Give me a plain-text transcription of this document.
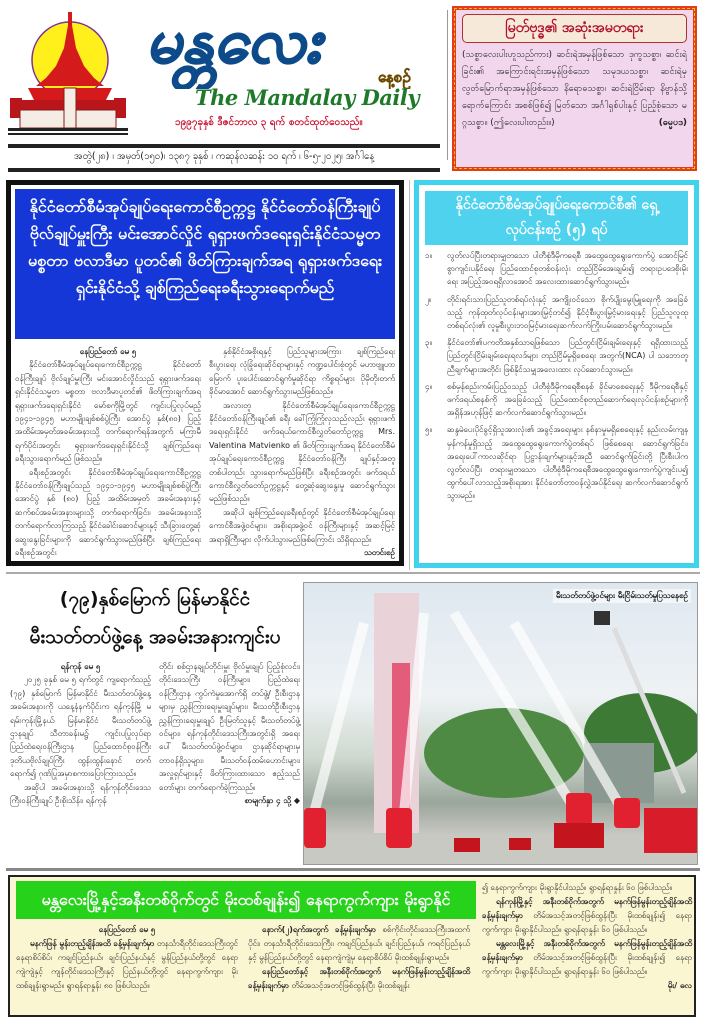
မန္တလေး	နေ့စဉ်
The Mandalay Daily
၁၉၉၇ခုနှစ် ဒီဇင်ဘာလ ၃ ရက် စတင်ထုတ်ဝေသည်။
အတွဲ(၂၈) ၊ အမှတ်(၁၅၀)၊ ၁၃၈၇ ခုနှစ် ၊ ကဆုန်လဆန်း ၁၀ ရက် ၊ ၆-၅-၂၀၂၅၊ အင်္ဂါနေ့
မြတ်ဗုဒ္ဓ၏ အဆုံးအမတရား
(သစ္စာလေးပါးဟူသည်ကား) ဆင်းရဲအမှန်ဖြစ်သော ဒုက္ခသစ္စာ၊ ဆင်းရဲခြင်း၏ အကြောင်းရင်းအမှန်ဖြစ်သော သမုဒယသစ္စာ၊ ဆင်းရဲမှ လွတ်မြောက်ရာအမှန်ဖြစ်သော နိရောဓသစ္စာ၊ ဆင်းရဲငြိမ်းရာ နိဗ္ဗာန်သို့ရောက်ကြောင်း အစစ်ဖြစ်၍ မြတ်သော အင်္ဂါရှစ်ပါးနှင့် ပြည့်စုံသော မဂ္ဂသစ္စာ။ (ဤလေးပါးတည်း။)	(ဓမ္မပဒ)
နိုင်ငံတော်စီမံအုပ်ချုပ်ရေးကောင်စီဥက္ကဋ္ဌ နိုင်ငံတော်ဝန်ကြီးချုပ် ဗိုလ်ချုပ်မှူးကြီး မင်းအောင်လှိုင် ရုရှားဖက်ဒရေးရှင်းနိုင်ငံသမ္မတ မစ္စတာ ဗလာဒီမာ ပူတင်၏ ဖိတ်ကြားချက်အရ ရုရှားဖက်ဒရေးရှင်းနိုင်ငံသို့ ချစ်ကြည်ရေးခရီးသွားရောက်မည်
နေပြည်တော် မေ ၅
နိုင်ငံတော်စီမံအုပ်ချုပ်ရေးကောင်စီဥက္ကဋ္ဌ နိုင်ငံတော်ဝန်ကြီးချုပ် ဗိုလ်ချုပ်မှူးကြီး မင်းအောင်လှိုင်သည် ရုရှားဖက်ဒရေးရှင်းနိုင်ငံသမ္မတ မစ္စတာ ဗလာဒီမာပူတင်၏ ဖိတ်ကြားချက်အရ ရုရှားဖက်ဒရေးရှင်းနိုင်ငံ မော်စကိုမြို့တွင် ကျင်းပပြုလုပ်မည့် ၁၉၄၁-၁၉၄၅ မဟာမျိုးချစ်စစ်ပွဲကြီး အောင်ပွဲ နှစ်(၈၀) ပြည့် အထိမ်းအမှတ်အခမ်းအနားသို့ တက်ရောက်ရန်အတွက် မကြာမီရက်ပိုင်းအတွင်း ရုရှားဖက်ဒရေးရှင်းနိုင်ငံသို့ ချစ်ကြည်ရေးခရီးသွားရောက်မည် ဖြစ်သည်။
ခရီးစဉ်အတွင်း နိုင်ငံတော်စီမံအုပ်ချုပ်ရေးကောင်စီဥက္ကဋ္ဌ နိုင်ငံတော်ဝန်ကြီးချုပ်သည် ၁၉၄၁-၁၉၄၅ မဟာမျိုးချစ်စစ်ပွဲကြီးအောင်ပွဲ နှစ် (၈၀) ပြည့် အထိမ်းအမှတ် အခမ်းအနားနှင့် ဆက်စပ်အခမ်းအနားများသို့ တက်ရောက်ခြင်း၊ အခမ်းအနားသို့ တက်ရောက်လာကြသည့် နိုင်ငံခေါင်းဆောင်များနှင့် သီးခြားတွေ့ဆုံဆွေးနွေးခြင်းများကို ဆောင်ရွက်သွားမည်ဖြစ်ပြီး ချစ်ကြည်ရေးခရီးစဉ်အတွင်း
နှစ်နိုင်ငံအစိုးရနှင့် ပြည်သူများအကြား ချစ်ကြည်ရေး စီးပွားရေး လုံခြုံရေးဆိုင်ရာများနှင့် ကဏ္ဍပေါင်းစုံတွင် မဟာဗျူဟာမြောက် ပူးပေါင်းဆောင်ရွက်မှုဆိုင်ရာ ကိစ္စရပ်များ ပိုမိုတိုးတက်ခိုင်မာအောင် ဆောင်ရွက်သွားမည်ဖြစ်သည်။
အလားတူ နိုင်ငံတော်စီမံအုပ်ချုပ်ရေးကောင်စီဥက္ကဋ္ဌ နိုင်ငံတော်ဝန်ကြီးချုပ်၏ ခရီး ခေါ်ကြုံကြုံလှသည်လည်း ရုရှားဖက်ဒရေးရှင်းနိုင်ငံ ဖက်ဒရယ်ကောင်စီလွှတ်တော်ဥက္ကဋ္ဌ Mrs. Valentina Matvienko ၏ ဖိတ်ကြားချက်အရ နိုင်ငံတော်စီမံအုပ်ချုပ်ရေးကောင်စီဥက္ကဋ္ဌ နိုင်ငံတော်ဝန်ကြီး ချုပ်နှင့်အတူ တစ်ပါတည်း သွားရောက်မည်ဖြစ်ပြီး ခရီးစဉ်အတွင်း ဖက်ဒရယ်ကောင်စီလွှတ်တော်ဥက္ကဋ္ဌနှင့် တွေ့ဆုံဆွေးနွေးမှု ဆောင်ရွက်သွားမည်ဖြစ်သည်။
အဆိုပါ ချစ်ကြည်ရေးခရီးစဉ်တွင် နိုင်ငံတော်စီမံအုပ်ချုပ်ရေးကောင်စီအဖွဲ့ဝင်များ၊ အစိုးရအဖွဲ့ဝင် ဝန်ကြီးများနှင့် အဆင့်မြင့်အရာရှိကြီးများ လိုက်ပါသွားမည်ဖြစ်ကြောင်း သိရှိရသည်။
သတင်းစဉ်
နိုင်ငံတော်စီမံအုပ်ချုပ်ရေးကောင်စီ၏ ရှေ့လုပ်ငန်းစဉ် (၅) ရပ်
၁။	လွတ်လပ်ပြီးတရားမျှတသော ပါတီစုံဒီမိုကရေစီ အထွေထွေရွေးကောက်ပွဲ အောင်မြင်စွာကျင်းပနိုင်ရေး ပြည်ထောင်စုတစ်ဝန်းလုံး တည်ငြိမ်အေးချမ်း၍ တရားဥပဒေစိုးမိုးရေး အပြည့်အဝရရှိလာအောင် အလေးထားဆောင်ရွက်သွားမည်။
၂။	တိုင်းရင်းသားပြည်သူတစ်ရပ်လုံးနှင့် အကျိုးဝင်သော စိုက်ပျိုးမွေးမြူရေးကို အခြေခံသည့် ကုန်ထုတ်လုပ်ငန်းများအားမြှင့်တင်၍ နိုင်ငံ့စီးပွားမြှင့်မားရေးနှင့် ပြည်သူလူထုတစ်ရပ်လုံး၏ လူမှုစီးပွားဘဝမြင့်မားရေးဆက်လက်ကြိုးပမ်းဆောင်ရွက်သွားမည်။
၃။	နိုင်ငံတော်၏ပကတိအနှစ်သာရဖြစ်သော ပြည်တွင်းငြိမ်းချမ်းရေးနှင့် ရရှိထားသည့် ပြည်တွင်းငြိမ်းချမ်းရေးရလဒ်များ တည်ငြိမ်မှုရှိစေရေး အတွက်(NCA) ပါ သဘောတူညီချက်များအတိုင်း ဖြစ်နိုင်သမျှအလေးထား လုပ်ဆောင်သွားမည်။
၄။	စစ်မှန်စည်းကမ်းပြည့်ဝသည့် ပါတီစုံဒီမိုကရေစီစနစ် ခိုင်မာစေရေးနှင့် ဒီမိုကရေစီနှင့် ဖက်ဒရယ်စနစ်ကို အခြေခံသည့် ပြည်ထောင်စုတည်ဆောက်ရေးလုပ်ငန်းစဉ်များကို အရှိန်အဟုန်ဖြင့် ဆက်လက်ဆောင်ရွက်သွားမည်။
၅။	ဆန္ဒမဲပေးပိုင်ခွင့်ရှိသူအားလုံး၏ အခွင့်အရေးများ နစ်နာမှုမရှိစေရေးနှင့် နည်းလမ်းကျနမှန်ကန်မှုရှိသည့် အထွေထွေရွေးကောက်ပွဲတစ်ရပ် ဖြစ်စေရေး ဆောင်ရွက်ခြင်း၊ အရေးပေါ်ကာလဆိုင်ရာ ပြဋ္ဌာန်းချက်များနှင့်အညီ ဆောင်ရွက်ခြင်းတို့ ပြီးစီးပါက လွတ်လပ်ပြီး တရားမျှတသော ပါတီစုံဒီမိုကရေစီအထွေထွေရွေးကောက်ပွဲကျင်းပ၍ ထွက်ပေါ်လာသည့်အစိုးရအား နိုင်ငံတော်တာဝန်လွှဲအပ်နိုင်ရေး ဆက်လက်ဆောင်ရွက်သွားမည်။
(၇၉)နှစ်မြောက် မြန်မာနိုင်ငံ
မီးသတ်တပ်ဖွဲ့နေ့ အခမ်းအနားကျင်းပ
ရန်ကုန် မေ ၅
၂၀၂၅ ခုနှစ် မေ ၅ ရက်တွင် ကျရောက်သည့် (၇၉) နှစ်မြောက် မြန်မာနိုင်ငံ မီးသတ်တပ်ဖွဲ့နေ့အခမ်းအနားကို ယနေ့နံနက်ပိုင်းက ရန်ကုန်မြို့ မရမ်းကုန်းမြို့နယ် မြန်မာနိုင်ငံ မီးသတ်တပ်ဖွဲ့ဌာနချုပ် သီတာခန်းမ၌ ကျင်းပပြုလုပ်ရာ ပြည်ထဲရေးဝန်ကြီးဌာန ပြည်ထောင်စုဝန်ကြီး ဒုတိယဗိုလ်ချုပ်ကြီး ထွန်းထွန်းနောင် တက်ရောက်၍ ဂုဏ်ပြုအမှာစကားပြောကြားသည်။
အဆိုပါ အခမ်းအနားသို့ ရန်ကုန်တိုင်းဒေသကြီးဝန်ကြီးချုပ် ဦးစိုးသိန်း၊ ရန်ကုန်
တိုင်း စစ်ဌာနချုပ်တိုင်းမှူး ဗိုလ်မှူးချုပ် ပြည့်စုံလင်း၊ တိုင်းဒေသကြီး ဝန်ကြီးများ၊ ပြည်ထဲရေးဝန်ကြီးဌာန ကွပ်ကဲမှုအောက်ရှိ တပ်ဖွဲ့/ ဦးစီးဌာနများမှ ညွှန်ကြားရေးမှူးချုပ်များ၊ မီးသတ်ဦးစီးဌာန ညွှန်ကြားရေးမှူးချုပ် ဦးမြတ်သူနှင့် မီးသတ်တပ်ဖွဲ့ဝင်များ၊ ရန်ကုန်တိုင်းဒေသကြီးအတွင်းရှိ အရေးပေါ် မီးသတ်တပ်ဖွဲ့ဝင်များ၊ ဌာနဆိုင်ရာများမှ တာဝန်ရှိသူများ၊ မီးသတ်ဝန်ထမ်းဟောင်းများ၊ အလှူရှင်များနှင့် ဖိတ်ကြားထားသော ဧည့်သည်တော်များ တက်ရောက်ခဲ့ကြသည်။
စာမျက်နှာ ၄ သို့ ◆
မီးသတ်တပ်ဖွဲ့ဝင်များ မီးငြိမ်းသတ်မှုပြသနေစဉ်
မန္တလေးမြို့နှင့်အနီးတစ်ဝိုက်တွင် မိုးထစ်ချုန်း၍ နေရာကွက်ကျား မိုးရွာနိုင်
နေပြည်တော် မေ ၅
မနက်ဖြန် မွန်းတည့်ချိန်အထိ ခန့်မှန်းချက်မှာ တနင်္သာရီတိုင်းဒေသကြီးတွင် နေရာစိပ်စိပ်၊ ကချင်ပြည်နယ်၊ ချင်းပြည်နယ်နှင့် မွန်ပြည်နယ်တို့တွင် နေရာကျဲကျဲနှင့် ကျန်တိုင်းဒေသကြီးနှင့် ပြည်နယ်တို့တွင် နေရာကွက်ကျား မိုးထစ်ချုန်းရွာမည်။ ရွာရန်ရာနှုန်း ၈၀ ဖြစ်ပါသည်။
နောက်(၂)ရက်အတွက် ခန့်မှန်းချက်မှာ စစ်ကိုင်းတိုင်းဒေသကြီးအထက်ပိုင်း၊ တနင်္သာရီတိုင်းဒေသကြီး၊ ကချင်ပြည်နယ်၊ ချင်းပြည်နယ်၊ ကရင်ပြည်နယ်နှင့် မွန်ပြည်နယ်တို့တွင် နေရာကျဲကျဲမှ နေရာစိပ်စိပ် မိုးထစ်ချုန်းရွာမည်။
နေပြည်တော်နှင့် အနီးတစ်ဝိုက်အတွက် မနက်ဖြန်မွန်းတည့်ချိန်အထိ ခန့်မှန်းချက်မှာ တိမ်အသင့်အတင့်ဖြစ်ထွန်းပြီး မိုးထစ်ချုန်း
၍ နေရာကွက်ကျား မိုးရွာနိုင်ပါသည်။ ရွာရန်ရာနှုန်း ၆၀ ဖြစ်ပါသည်။
ရန်ကုန်မြို့နှင့် အနီးတစ်ဝိုက်အတွက် မနက်ဖြန်မွန်းတည့်ချိန်အထိ ခန့်မှန်းချက်မှာ တိမ်အသင့်အတင့်ဖြစ်ထွန်းပြီး မိုးထစ်ချုန်း၍ နေရာကွက်ကျား မိုးရွာနိုင်ပါသည်။ ရွာရန်ရာနှုန်း ၆၀ ဖြစ်ပါသည်။
မန္တလေးမြို့နှင့် အနီးတစ်ဝိုက်အတွက် မနက်ဖြန်မွန်းတည့်ချိန်အထိ ခန့်မှန်းချက်မှာ တိမ်အသင့်အတင့်ဖြစ်ထွန်းပြီး မိုးထစ်ချုန်း၍ နေရာကွက်ကျား မိုးရွာနိုင်ပါသည်။ ရွာရန်ရာနှုန်း ၆၀ ဖြစ်ပါသည်။
မိုး/ ဓလ
